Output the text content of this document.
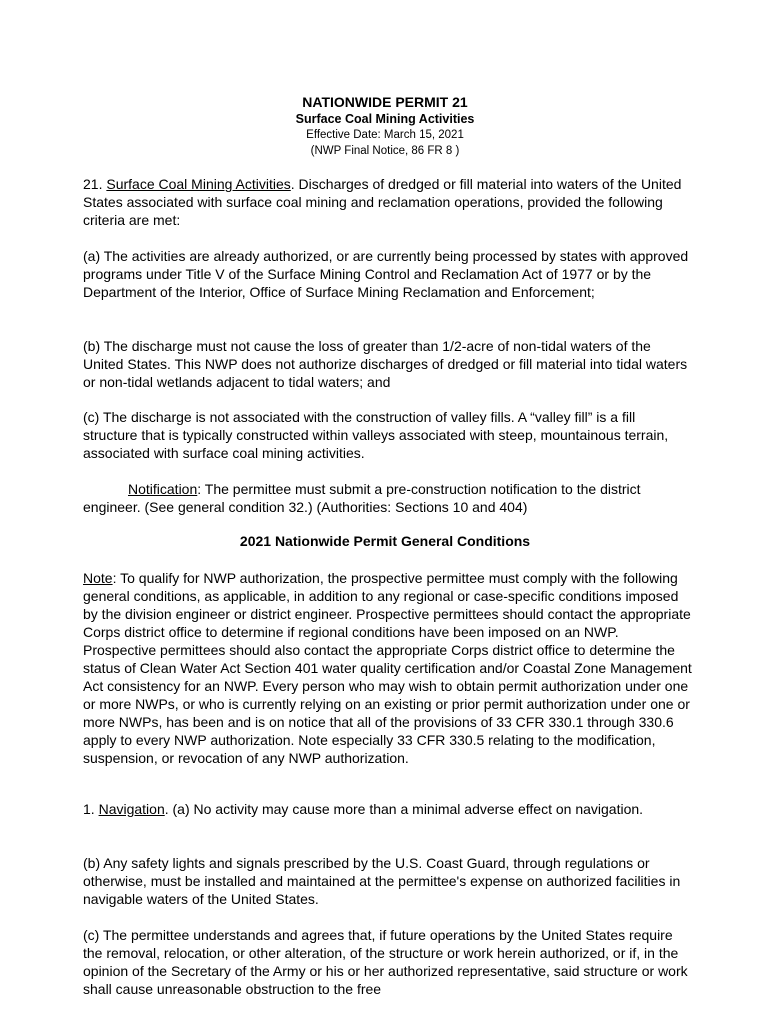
NATIONWIDE PERMIT 21
Surface Coal Mining Activities
Effective Date: March 15, 2021
(NWP Final Notice, 86 FR 8 )

21. Surface Coal Mining Activities. Discharges of dredged or fill material into waters of the United States associated with surface coal mining and reclamation operations, provided the following criteria are met:

(a) The activities are already authorized, or are currently being processed by states with approved programs under Title V of the Surface Mining Control and Reclamation Act of 1977 or by the Department of the Interior, Office of Surface Mining Reclamation and Enforcement;

(b) The discharge must not cause the loss of greater than 1/2-acre of non-tidal waters of the United States. This NWP does not authorize discharges of dredged or fill material into tidal waters or non-tidal wetlands adjacent to tidal waters; and

(c) The discharge is not associated with the construction of valley fills. A “valley fill” is a fill structure that is typically constructed within valleys associated with steep, mountainous terrain, associated with surface coal mining activities.

Notification: The permittee must submit a pre-construction notification to the district engineer. (See general condition 32.) (Authorities: Sections 10 and 404)

2021 Nationwide Permit General Conditions

Note: To qualify for NWP authorization, the prospective permittee must comply with the following general conditions, as applicable, in addition to any regional or case-specific conditions imposed by the division engineer or district engineer. Prospective permittees should contact the appropriate Corps district office to determine if regional conditions have been imposed on an NWP. Prospective permittees should also contact the appropriate Corps district office to determine the status of Clean Water Act Section 401 water quality certification and/or Coastal Zone Management Act consistency for an NWP. Every person who may wish to obtain permit authorization under one or more NWPs, or who is currently relying on an existing or prior permit authorization under one or more NWPs, has been and is on notice that all of the provisions of 33 CFR 330.1 through 330.6 apply to every NWP authorization. Note especially 33 CFR 330.5 relating to the modification, suspension, or revocation of any NWP authorization.

1. Navigation. (a) No activity may cause more than a minimal adverse effect on navigation.

(b) Any safety lights and signals prescribed by the U.S. Coast Guard, through regulations or otherwise, must be installed and maintained at the permittee's expense on authorized facilities in navigable waters of the United States.

(c) The permittee understands and agrees that, if future operations by the United States require the removal, relocation, or other alteration, of the structure or work herein authorized, or if, in the opinion of the Secretary of the Army or his or her authorized representative, said structure or work shall cause unreasonable obstruction to the free
